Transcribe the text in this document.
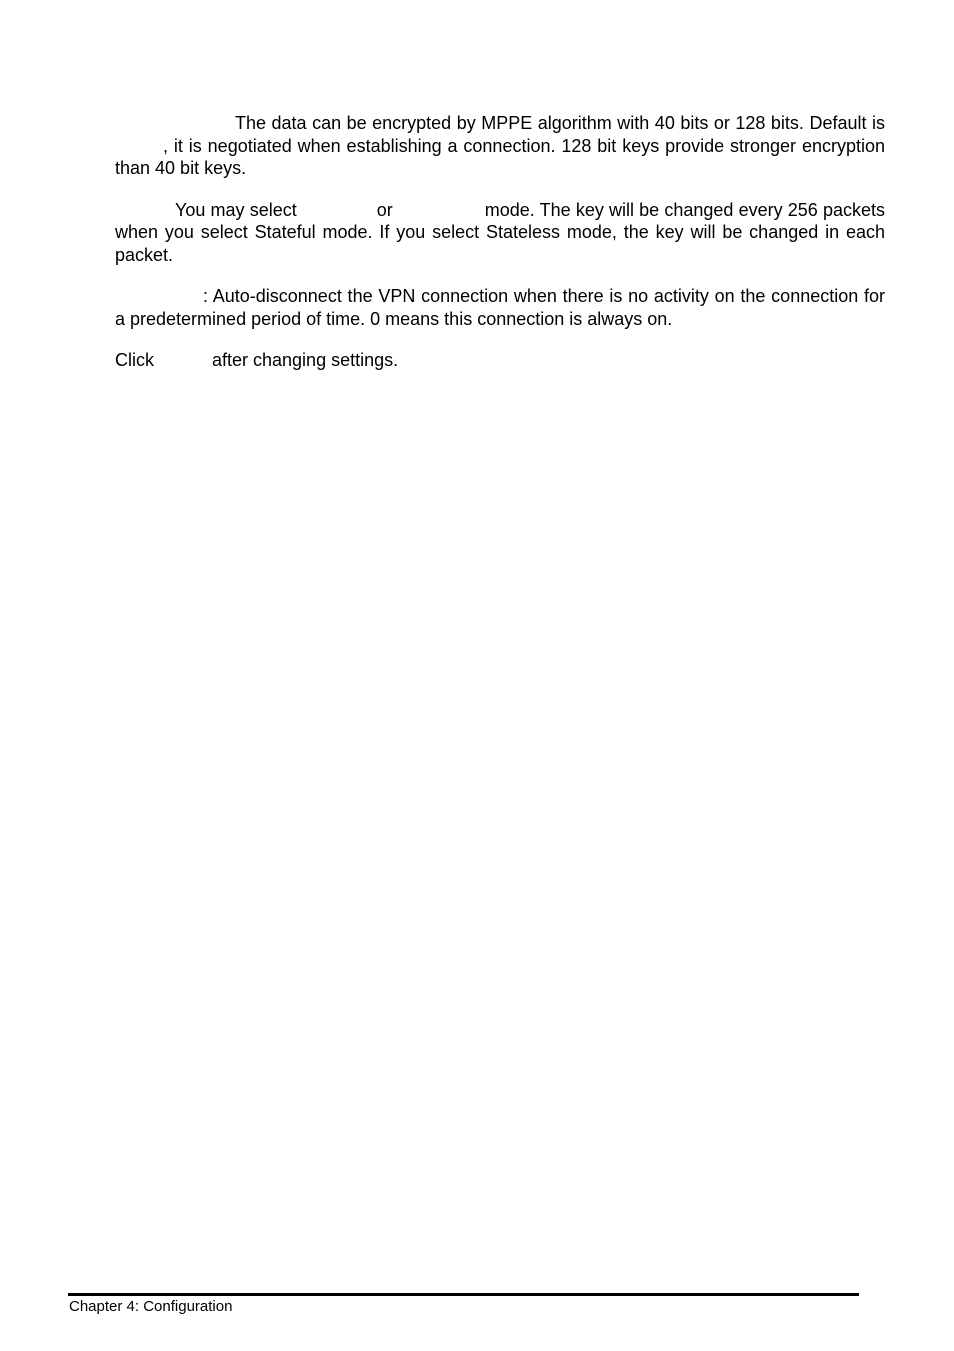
The data can be encrypted by MPPE algorithm with 40 bits or 128 bits. Default is, it is negotiated when establishing a connection. 128 bit keys provide stronger encryption than 40 bit keys.

You may select	or	mode. The key will be changed every 256 packets when you select Stateful mode. If you select Stateless mode, the key will be changed in each packet.

: Auto-disconnect the VPN connection when there is no activity on the connection for a predetermined period of time. 0 means this connection is always on.

Click	after changing settings.

Chapter 4: Configuration
